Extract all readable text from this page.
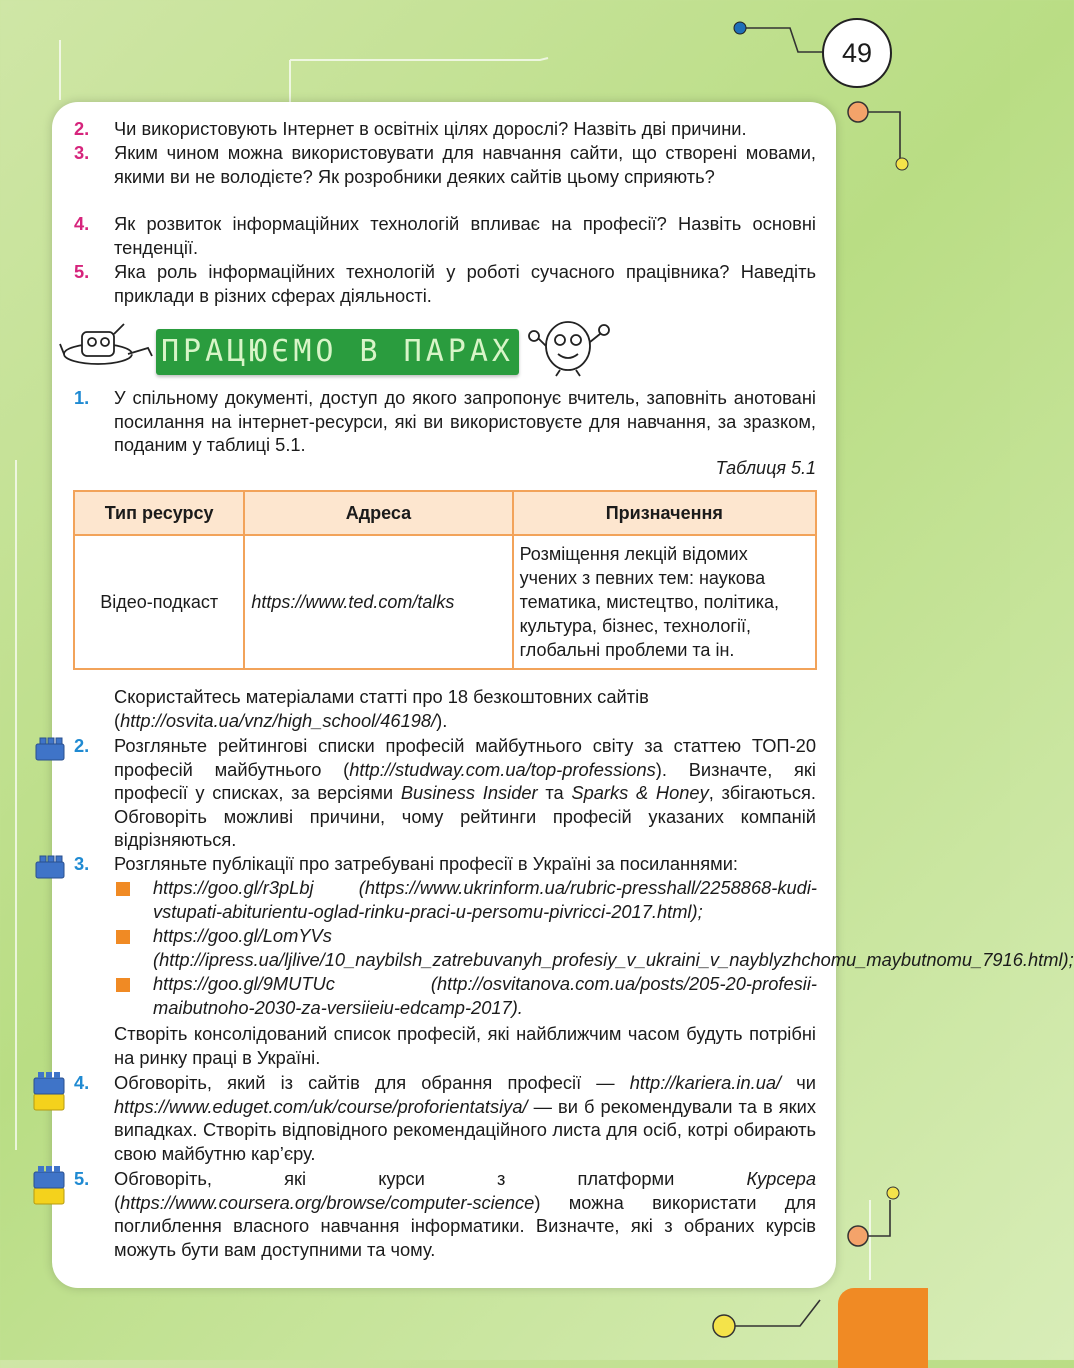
49
2. Чи використовують Інтернет в освітніх цілях дорослі? Назвіть дві причини.
3. Яким чином можна використовувати для навчання сайти, що створені мовами, якими ви не володієте? Як розробники деяких сайтів цьому сприяють?
4. Як розвиток інформаційних технологій впливає на професії? Назвіть основні тенденції.
5. Яка роль інформаційних технологій у роботі сучасного працівника? Наведіть приклади в різних сферах діяльності.
ПРАЦЮЄМО В ПАРАХ
1. У спільному документі, доступ до якого запропонує вчитель, заповніть анотовані посилання на інтернет-ресурси, які ви використовуєте для навчання, за зразком, поданим у таблиці 5.1.
Таблиця 5.1
Тип ресурсу	Адреса	Призначення
Відео-подкаст	https://www.ted.com/talks	Розміщення лекцій відомих учених з певних тем: наукова тематика, мистецтво, політика, культура, бізнес, технології, глобальні проблеми та ін.
Скористайтесь матеріалами статті про 18 безкоштовних сайтів
(http://osvita.ua/vnz/high_school/46198/).
2. Розгляньте рейтингові списки професій майбутнього світу за статтею ТОП-20 професій майбутнього (http://studway.com.ua/top-professions). Визначте, які професії у списках, за версіями Business Insider та Sparks & Honey, збігаються. Обговоріть можливі причини, чому рейтинги професій указаних компаній відрізняються.
3. Розгляньте публікації про затребувані професії в Україні за посиланнями:
https://goo.gl/r3pLbj (https://www.ukrinform.ua/rubric-presshall/2258868-kudi-vstupati-abiturientu-oglad-rinku-praci-u-persomu-pivricci-2017.html);
https://goo.gl/LomYVs (http://ipress.ua/ljlive/10_naybilsh_zatrebuvanyh_profesiy_v_ukraini_v_nayblyzhchomu_maybutnomu_7916.html);
https://goo.gl/9MUTUc (http://osvitanova.com.ua/posts/205-20-profesii-maibutnoho-2030-za-versiieiu-edcamp-2017).
Створіть консолідований список професій, які найближчим часом будуть потрібні на ринку праці в Україні.
4. Обговоріть, який із сайтів для обрання професії — http://kariera.in.ua/ чи https://www.eduget.com/uk/course/proforientatsiya/ — ви б рекомендували та в яких випадках. Створіть відповідного рекомендаційного листа для осіб, котрі обирають свою майбутню кар’єру.
5. Обговоріть, які курси з платформи Курсера (https://www.coursera.org/browse/computer-science) можна використати для поглиблення власного навчання інформатики. Визначте, які з обраних курсів можуть бути вам доступними та чому.
